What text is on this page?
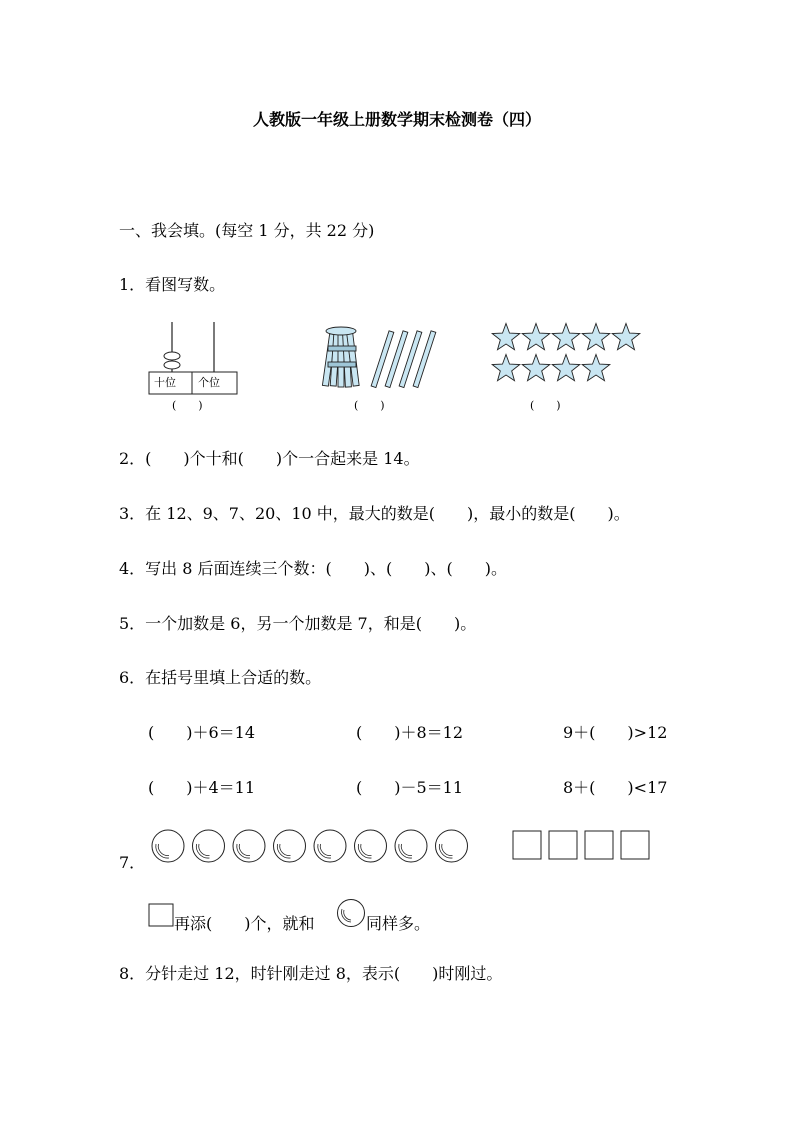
人教版一年级上册数学期末检测卷（四）
一、我会填。(每空 1 分，共 22 分)
1．看图写数。
十位 个位
(　　)	(　　)	(　　)
2．(　　)个十和(　　)个一合起来是 14。
3．在 12、9、7、20、10 中，最大的数是(　　)，最小的数是(　　)。
4．写出 8 后面连续三个数：(　　)、(　　)、(　　)。
5．一个加数是 6，另一个加数是 7，和是(　　)。
6．在括号里填上合适的数。
(　　)＋6＝14	(　　)＋8＝12	9＋(　　)>12
(　　)＋4＝11	(　　)－5＝11	8＋(　　)<17
7．
再添(　　)个，就和	同样多。
8．分针走过 12，时针刚走过 8，表示(　　)时刚过。
